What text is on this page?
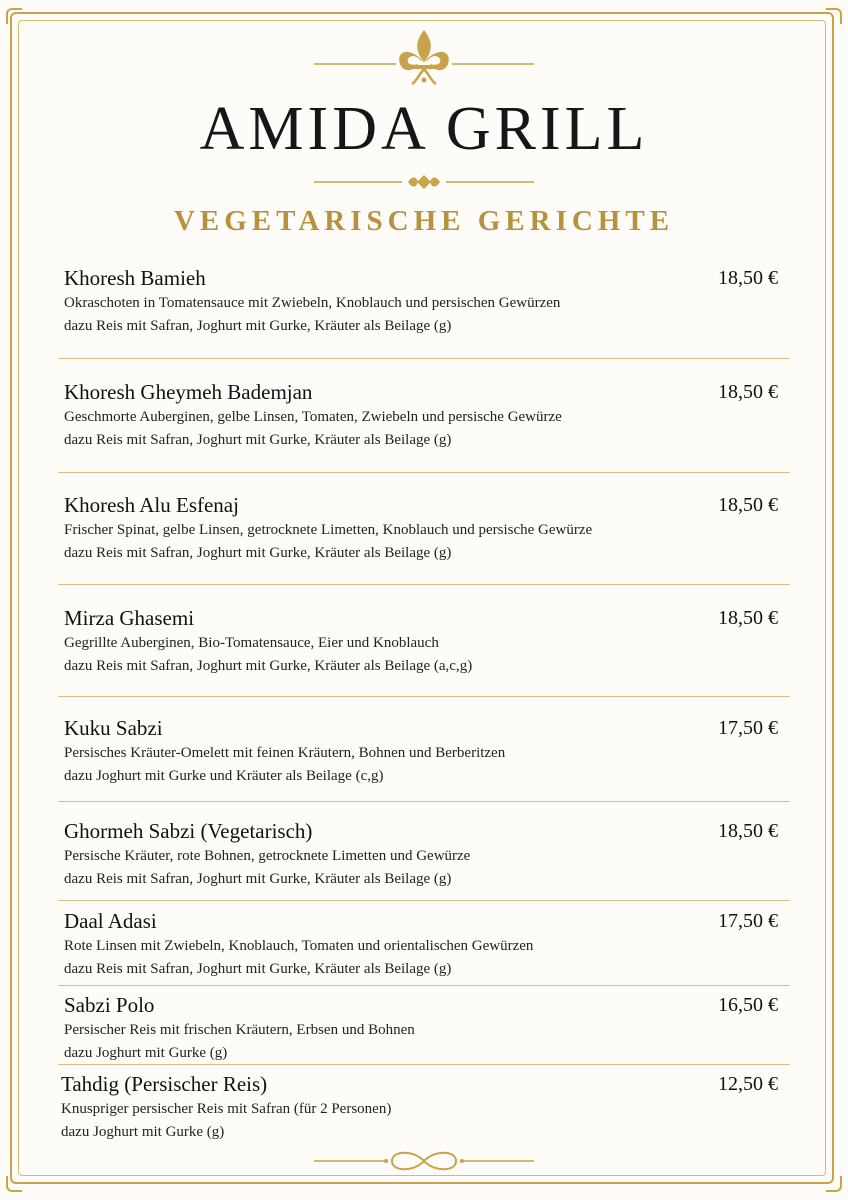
AMIDA GRILL
VEGETARISCHE GERICHTE
Khoresh Bamieh	18,50 €
Okraschoten in Tomatensauce mit Zwiebeln, Knoblauch und persischen Gewürzen
dazu Reis mit Safran, Joghurt mit Gurke, Kräuter als Beilage (g)
Khoresh Gheymeh Bademjan	18,50 €
Geschmorte Auberginen, gelbe Linsen, Tomaten, Zwiebeln und persische Gewürze
dazu Reis mit Safran, Joghurt mit Gurke, Kräuter als Beilage (g)
Khoresh Alu Esfenaj	18,50 €
Frischer Spinat, gelbe Linsen, getrocknete Limetten, Knoblauch und persische Gewürze
dazu Reis mit Safran, Joghurt mit Gurke, Kräuter als Beilage (g)
Mirza Ghasemi	18,50 €
Gegrillte Auberginen, Bio-Tomatensauce, Eier und Knoblauch
dazu Reis mit Safran, Joghurt mit Gurke, Kräuter als Beilage (a,c,g)
Kuku Sabzi	17,50 €
Persisches Kräuter-Omelett mit feinen Kräutern, Bohnen und Berberitzen
dazu Joghurt mit Gurke und Kräuter als Beilage (c,g)
Ghormeh Sabzi (Vegetarisch)	18,50 €
Persische Kräuter, rote Bohnen, getrocknete Limetten und Gewürze
dazu Reis mit Safran, Joghurt mit Gurke, Kräuter als Beilage (g)
Daal Adasi	17,50 €
Rote Linsen mit Zwiebeln, Knoblauch, Tomaten und orientalischen Gewürzen
dazu Reis mit Safran, Joghurt mit Gurke, Kräuter als Beilage (g)
Sabzi Polo	16,50 €
Persischer Reis mit frischen Kräutern, Erbsen und Bohnen
dazu Joghurt mit Gurke (g)
Tahdig (Persischer Reis)	12,50 €
Knuspriger persischer Reis mit Safran (für 2 Personen)
dazu Joghurt mit Gurke (g)
